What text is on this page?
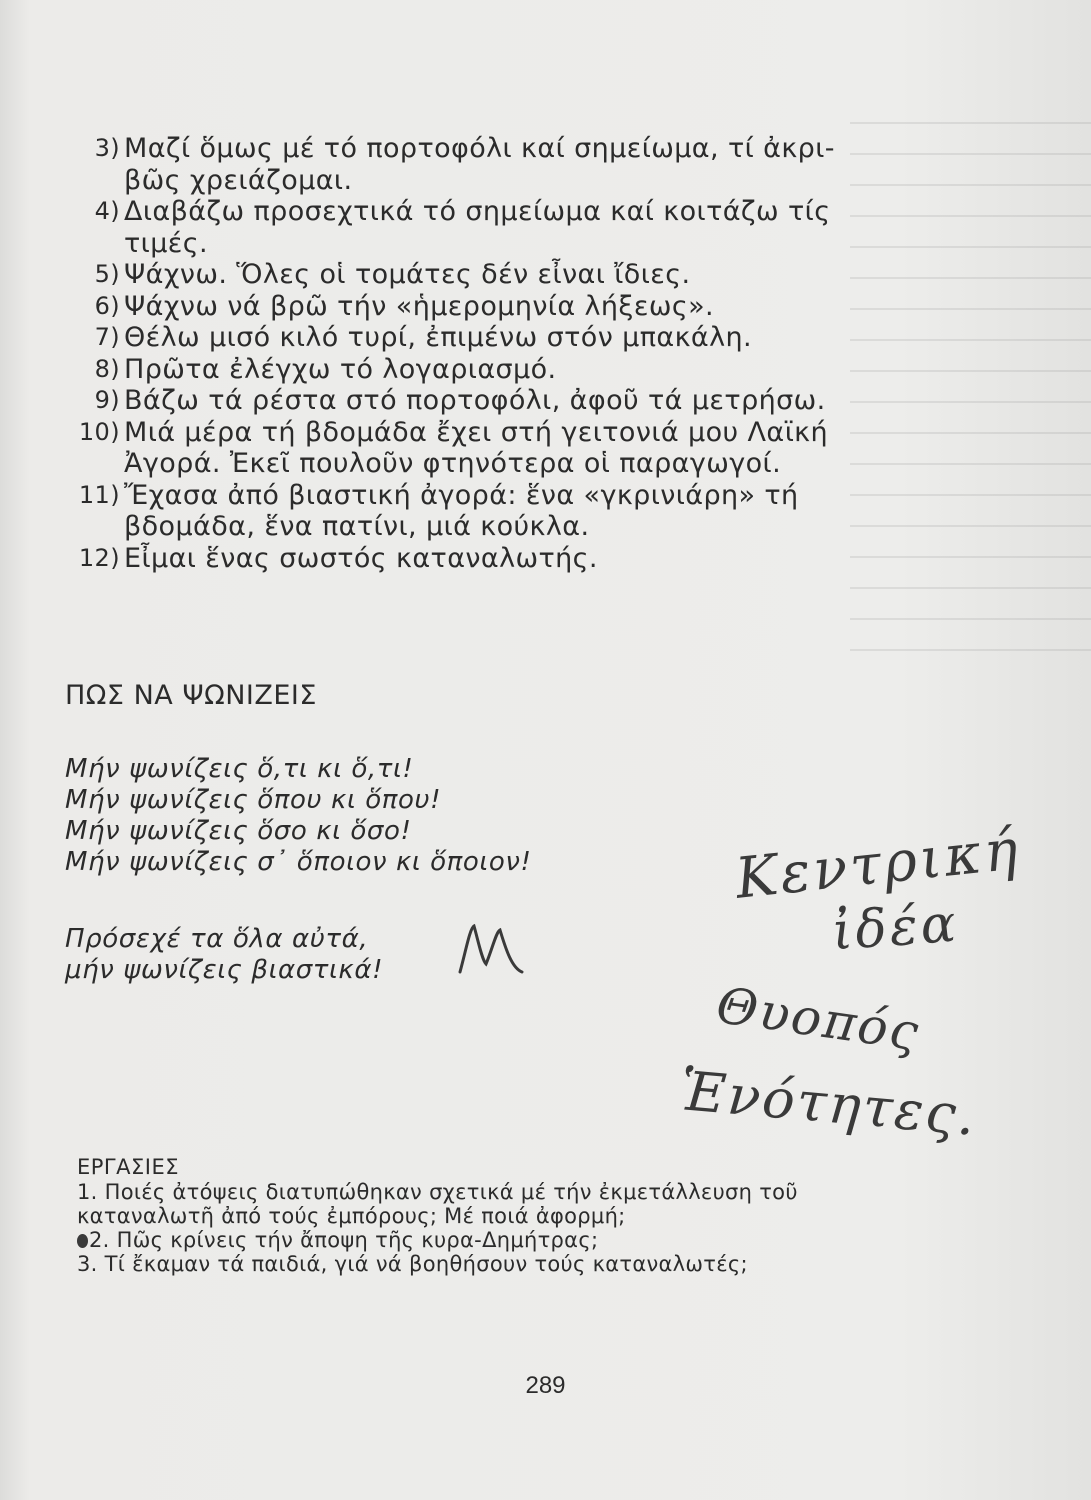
3) Μαζί ὅμως μέ τό πορτοφόλι καί σημείωμα, τί ἀκρι-
βῶς χρειάζομαι.
4) Διαβάζω προσεχτικά τό σημείωμα καί κοιτάζω τίς
τιμές.
5) Ψάχνω. Ὅλες οἱ τομάτες δέν εἶναι ἴδιες.
6) Ψάχνω νά βρῶ τήν «ἡμερομηνία λήξεως».
7) Θέλω μισό κιλό τυρί, ἐπιμένω στόν μπακάλη.
8) Πρῶτα ἐλέγχω τό λογαριασμό.
9) Βάζω τά ρέστα στό πορτοφόλι, ἀφοῦ τά μετρήσω.
10) Μιά μέρα τή βδομάδα ἔχει στή γειτονιά μου Λαϊκή
Ἀγορά. Ἐκεῖ πουλοῦν φτηνότερα οἱ παραγωγοί.
11) Ἔχασα ἀπό βιαστική ἀγορά: ἕνα «γκρινιάρη» τή
βδομάδα, ἕνα πατίνι, μιά κούκλα.
12) Εἶμαι ἕνας σωστός καταναλωτής.
ΠΩΣ ΝΑ ΨΩΝΙΖΕΙΣ
Μήν ψωνίζεις ὅ,τι κι ὅ,τι!
Μήν ψωνίζεις ὅπου κι ὅπου!
Μήν ψωνίζεις ὅσο κι ὅσο!
Μήν ψωνίζεις σ᾽ ὅποιον κι ὅποιον!
Πρόσεχέ τα ὅλα αὐτά,
μήν ψωνίζεις βιαστικά!
Κεντρική
ἰδέα
Θυοπός
Ἑνότητες.
ΕΡΓΑΣΙΕΣ
1. Ποιές ἀτόψεις διατυπώθηκαν σχετικά μέ τήν ἐκμετάλλευση τοῦ
καταναλωτῆ ἀπό τούς ἐμπόρους; Μέ ποιά ἀφορμή;
2. Πῶς κρίνεις τήν ἄποψη τῆς κυρα-Δημήτρας;
3. Τί ἔκαμαν τά παιδιά, γιά νά βοηθήσουν τούς καταναλωτές;
289
